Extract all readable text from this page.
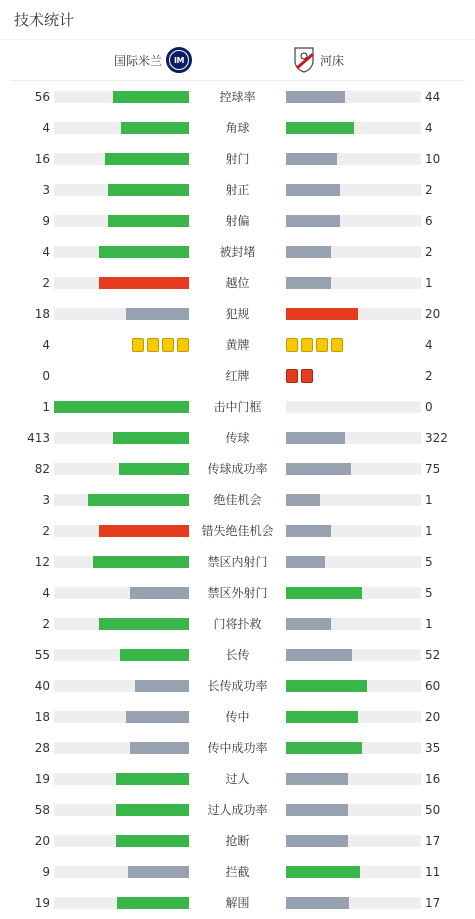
技术统计
国际米兰	IM	河床
56	控球率	44
4	角球	4
16	射门	10
3	射正	2
9	射偏	6
4	被封堵	2
2	越位	1
18	犯规	20
4	黄牌	4
0	红牌	2
1	击中门框	0
413	传球	322
82	传球成功率	75
3	绝佳机会	1
2	错失绝佳机会	1
12	禁区内射门	5
4	禁区外射门	5
2	门将扑救	1
55	长传	52
40	长传成功率	60
18	传中	20
28	传中成功率	35
19	过人	16
58	过人成功率	50
20	抢断	17
9	拦截	11
19	解围	17
